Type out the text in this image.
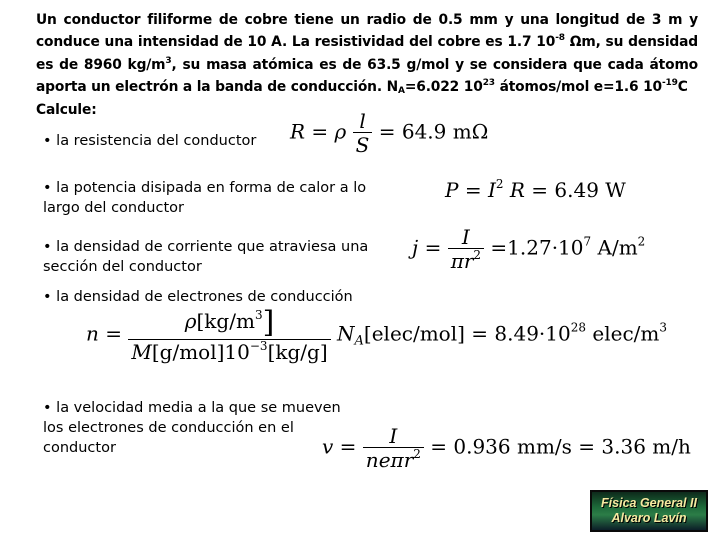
Un conductor filiforme de cobre tiene un radio de 0.5 mm y una longitud de 3 m y conduce una intensidad de 10 A. La resistividad del cobre es 1.7 $10^{-8}$ Ωm, su densidad es de 8960 $kg/m^3$, su masa atómica es de 63.5 g/mol y se considera que cada átomo aporta un electrón a la banda de conducción. $N_A=6.022$ $10^{23}$ átomos/mol e=1.6 $10^{-19}C$
Calcule:
• la resistencia del conductor	R = ρ $\frac{l}{S} = 64.9$ mΩ
• la potencia disipada en forma de calor a lo largo del conductor
$P = I^2$ R = 6.49 W
• la densidad de corriente que atraviesa una sección del conductor
$j = \frac{I}{\pi r^2} =1.27\cdot 10^7$ $A/m^2$
• la densidad de electrones de conducción
$n = \frac{\rho[kg/m^3]}{M[g/mol]10^{-3}[kg/g]}$ $N_A[elec/mol] = 8.49\cdot 10^{28}$ elec/$m^3$
• la velocidad media a la que se mueven los electrones de conducción en el conductor	$v = \frac{I}{ne\pi r^2} = 0.936$ mm/s = 3.36 m/h
Física General II
Alvaro Lavín
